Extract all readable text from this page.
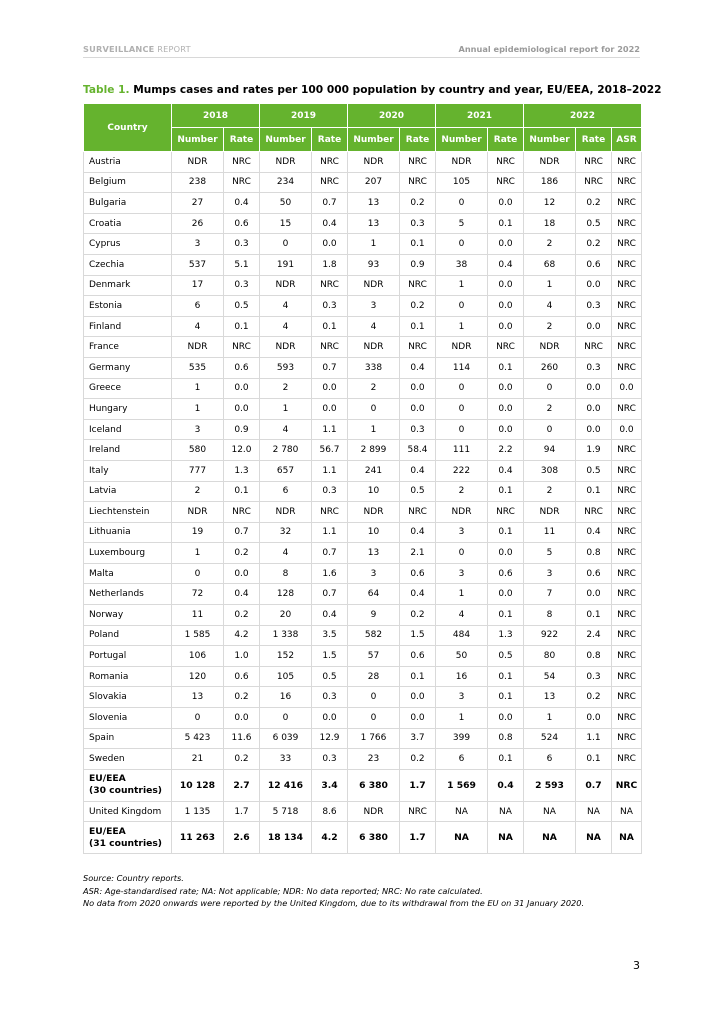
SURVEILLANCE REPORT	Annual epidemiological report for 2022
Table 1. Mumps cases and rates per 100 000 population by country and year, EU/EEA, 2018–2022
Country	2018		2019		2020		2021		2022		
	Number	Rate	Number	Rate	Number	Rate	Number	Rate	Number	Rate	ASR
Austria	NDR	NRC	NDR	NRC	NDR	NRC	NDR	NRC	NDR	NRC	NRC
Belgium	238	NRC	234	NRC	207	NRC	105	NRC	186	NRC	NRC
Bulgaria	27	0.4	50	0.7	13	0.2	0	0.0	12	0.2	NRC
Croatia	26	0.6	15	0.4	13	0.3	5	0.1	18	0.5	NRC
Cyprus	3	0.3	0	0.0	1	0.1	0	0.0	2	0.2	NRC
Czechia	537	5.1	191	1.8	93	0.9	38	0.4	68	0.6	NRC
Denmark	17	0.3	NDR	NRC	NDR	NRC	1	0.0	1	0.0	NRC
Estonia	6	0.5	4	0.3	3	0.2	0	0.0	4	0.3	NRC
Finland	4	0.1	4	0.1	4	0.1	1	0.0	2	0.0	NRC
France	NDR	NRC	NDR	NRC	NDR	NRC	NDR	NRC	NDR	NRC	NRC
Germany	535	0.6	593	0.7	338	0.4	114	0.1	260	0.3	NRC
Greece	1	0.0	2	0.0	2	0.0	0	0.0	0	0.0	0.0
Hungary	1	0.0	1	0.0	0	0.0	0	0.0	2	0.0	NRC
Iceland	3	0.9	4	1.1	1	0.3	0	0.0	0	0.0	0.0
Ireland	580	12.0	2 780	56.7	2 899	58.4	111	2.2	94	1.9	NRC
Italy	777	1.3	657	1.1	241	0.4	222	0.4	308	0.5	NRC
Latvia	2	0.1	6	0.3	10	0.5	2	0.1	2	0.1	NRC
Liechtenstein	NDR	NRC	NDR	NRC	NDR	NRC	NDR	NRC	NDR	NRC	NRC
Lithuania	19	0.7	32	1.1	10	0.4	3	0.1	11	0.4	NRC
Luxembourg	1	0.2	4	0.7	13	2.1	0	0.0	5	0.8	NRC
Malta	0	0.0	8	1.6	3	0.6	3	0.6	3	0.6	NRC
Netherlands	72	0.4	128	0.7	64	0.4	1	0.0	7	0.0	NRC
Norway	11	0.2	20	0.4	9	0.2	4	0.1	8	0.1	NRC
Poland	1 585	4.2	1 338	3.5	582	1.5	484	1.3	922	2.4	NRC
Portugal	106	1.0	152	1.5	57	0.6	50	0.5	80	0.8	NRC
Romania	120	0.6	105	0.5	28	0.1	16	0.1	54	0.3	NRC
Slovakia	13	0.2	16	0.3	0	0.0	3	0.1	13	0.2	NRC
Slovenia	0	0.0	0	0.0	0	0.0	1	0.0	1	0.0	NRC
Spain	5 423	11.6	6 039	12.9	1 766	3.7	399	0.8	524	1.1	NRC
Sweden	21	0.2	33	0.3	23	0.2	6	0.1	6	0.1	NRC

EU/EEA
(30 countries)	10 128	2.7	12 416	3.4	6 380	1.7	1 569	0.4	2 593	0.7	NRC
United Kingdom	1 135	1.7	5 718	8.6	NDR	NRC	NA	NA	NA	NA	NA

EU/EEA
(31 countries)	11 263	2.6	18 134	4.2	6 380	1.7	NA	NA	NA	NA	NA
Source: Country reports.
ASR: Age-standardised rate; NA: Not applicable; NDR: No data reported; NRC: No rate calculated.
No data from 2020 onwards were reported by the United Kingdom, due to its withdrawal from the EU on 31 January 2020.
3
